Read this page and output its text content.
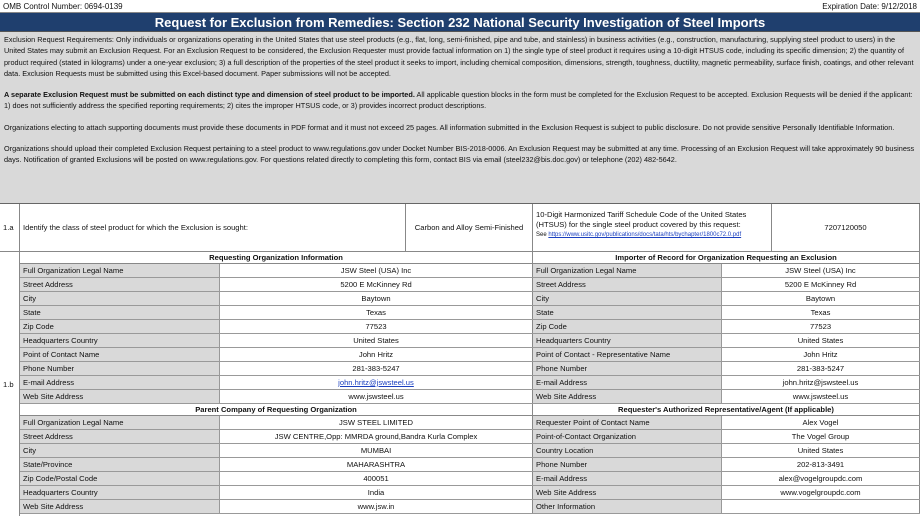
OMB Control Number: 0694-0139	Expiration Date: 9/12/2018
Request for Exclusion from Remedies: Section 232 National Security Investigation of Steel Imports

Exclusion Request Requirements: Only individuals or organizations operating in the United States that use steel products (e.g., flat, long, semi-finished, pipe and tube, and stainless) in business activities (e.g., construction, manufacturing, supplying steel product to users) in the United States may submit an Exclusion Request. For an Exclusion Request to be considered, the Exclusion Requester must provide factual information on 1) the single type of steel product it requires using a 10-digit HTSUS code, including its specific dimension; 2) the quantity of product required (stated in kilograms) under a one-year exclusion; 3) a full description of the properties of the steel product it seeks to import, including chemical composition, dimensions, strength, toughness, ductility, magnetic permeability, surface finish, coatings, and other relevant data. Exclusion Requests must be submitted using this Excel-based document. Paper submissions will not be accepted.

A separate Exclusion Request must be submitted on each distinct type and dimension of steel product to be imported. All applicable question blocks in the form must be completed for the Exclusion Request to be accepted. Exclusion Requests will be denied if the applicant: 1) does not sufficiently address the specified reporting requirements; 2) cites the improper HTSUS code, or 3) provides incorrect product descriptions.

Organizations electing to attach supporting documents must provide these documents in PDF format and it must not exceed 25 pages. All information submitted in the Exclusion Request is subject to public disclosure. Do not provide sensitive Personally Identifiable Information.

Organizations should upload their completed Exclusion Request pertaining to a steel product to www.regulations.gov under Docket Number BIS-2018-0006. An Exclusion Request may be submitted at any time. Processing of an Exclusion Request will take approximately 90 business days. Notification of granted Exclusions will be posted on www.regulations.gov. For questions related directly to completing this form, contact BIS via email (steel232@bis.doc.gov) or telephone (202) 482-5642.

1.a	Identify the class of steel product for which the Exclusion is sought:	Carbon and Alloy Semi-Finished
10-Digit Harmonized Tariff Schedule Code of the United States (HTSUS) for the single steel product covered by this request:
See https://www.usitc.gov/publications/docs/tata/hts/bychapter/1800c72.0.pdf
7207120050
1.b
Requesting Organization Information
Full Organization Legal Name	JSW Steel (USA) Inc
Street Address	5200 E McKinney Rd
City	Baytown
State	Texas
Zip Code	77523
Headquarters Country	United States
Point of Contact Name	John Hritz
Phone Number	281-383-5247
E-mail Address	john.hritz@jswsteel.us
Web Site Address	www.jswsteel.us
Parent Company of Requesting Organization
Full Organization Legal Name	JSW STEEL LIMITED
Street Address	JSW CENTRE,Opp: MMRDA ground,Bandra Kurla Complex
City	MUMBAI
State/Province	MAHARASHTRA
Zip Code/Postal Code	400051
Headquarters Country	India
Web Site Address	www.jsw.in
Importer of Record for Organization Requesting an Exclusion
Full Organization Legal Name	JSW Steel (USA) Inc
Street Address	5200 E McKinney Rd
City	Baytown
State	Texas
Zip Code	77523
Headquarters Country	United States
Point of Contact - Representative Name	John Hritz
Phone Number	281-383-5247
E-mail Address	john.hritz@jswsteel.us
Web Site Address	www.jswsteel.us
Requester's Authorized Representative/Agent (If applicable)
Requester Point of Contact Name	Alex Vogel
Point-of-Contact Organization	The Vogel Group
Country Location	United States
Phone Number	202-813-3491
E-mail Address	alex@vogelgroupdc.com
Web Site Address	www.vogelgroupdc.com
Other Information
